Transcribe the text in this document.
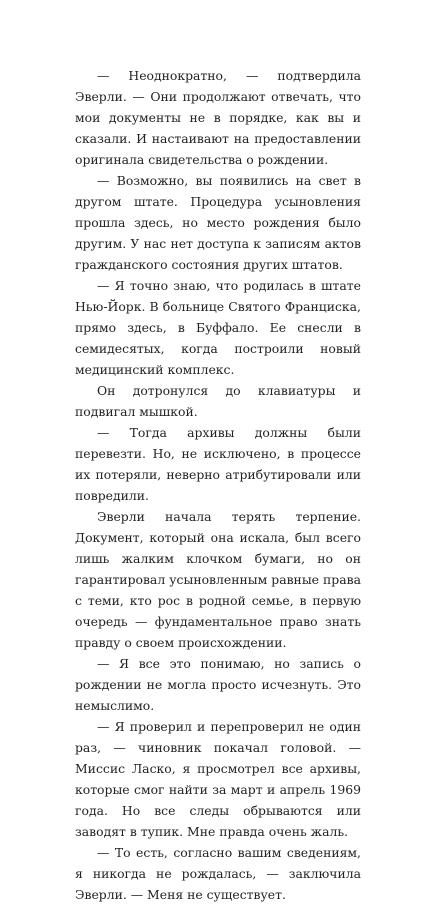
— Неоднократно, — подтвердила Эверли. — Они продолжают отвечать, что мои документы не в порядке, как вы и сказали. И настаивают на предоставлении оригинала свидетельства о рождении.

— Возможно, вы появились на свет в другом штате. Процедура усыновления прошла здесь, но место рождения было другим. У нас нет доступа к записям актов гражданского состояния других штатов.

— Я точно знаю, что родилась в штате Нью-Йорк. В больнице Святого Франциска, прямо здесь, в Буффало. Ее снесли в семидесятых, когда построили новый медицинский комплекс.

Он дотронулся до клавиатуры и подвигал мышкой.

— Тогда архивы должны были перевезти. Но, не исключено, в процессе их потеряли, неверно атрибутировали или повредили.

Эверли начала терять терпение. Документ, который она искала, был всего лишь жалким клочком бумаги, но он гарантировал усыновленным равные права с теми, кто рос в родной семье, в первую очередь — фундаментальное право знать правду о своем происхождении.

— Я все это понимаю, но запись о рождении не могла просто исчезнуть. Это немыслимо.

— Я проверил и перепроверил не один раз, — чиновник покачал головой. — Миссис Ласко, я просмотрел все архивы, которые смог найти за март и апрель 1969 года. Но все следы обрываются или заводят в тупик. Мне правда очень жаль.

— То есть, согласно вашим сведениям, я никогда не рождалась, — заключила Эверли. — Меня не существует.
